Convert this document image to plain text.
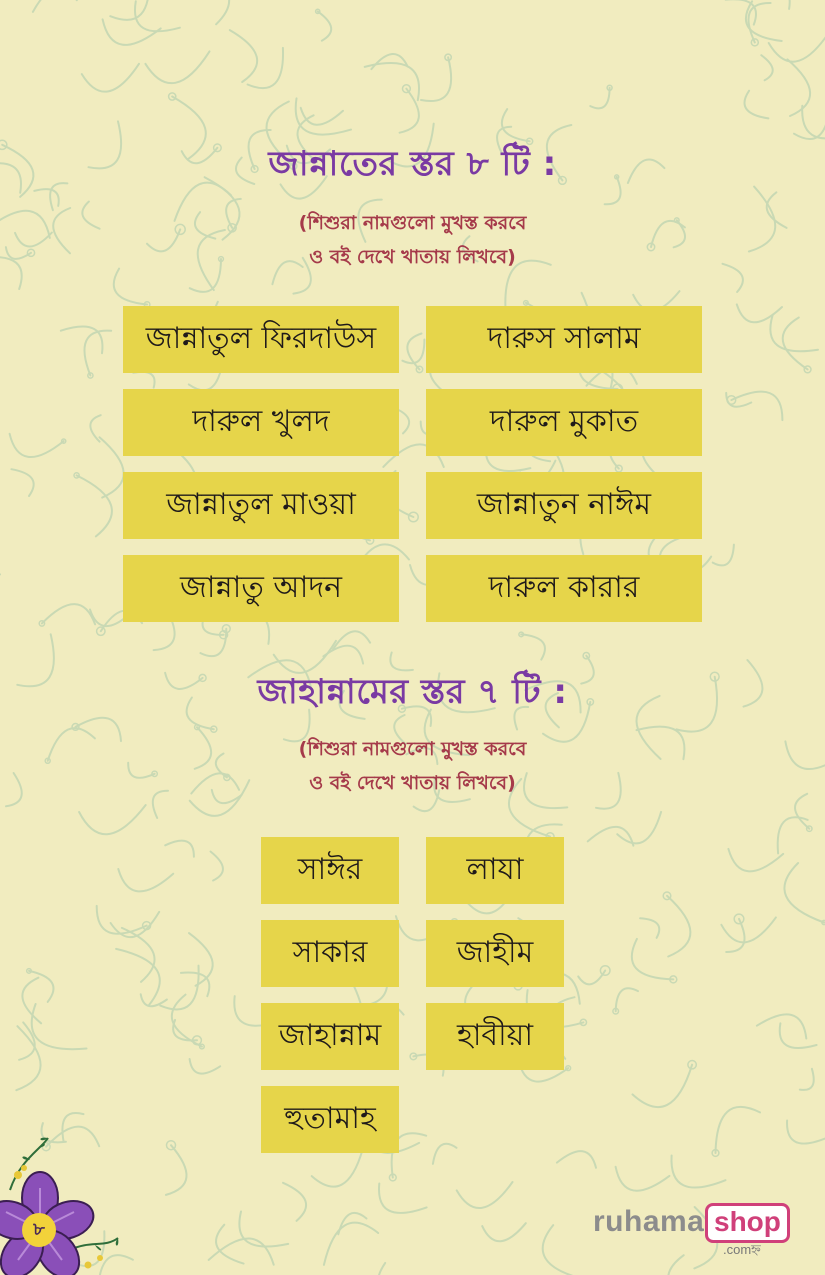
জান্নাতের স্তর ৮ টি :
(শিশুরা নামগুলো মুখস্ত করবে
ও বই দেখে খাতায় লিখবে)
জান্নাতুল ফিরদাউস	দারুস সালাম
দারুল খুলদ	দারুল মুকাত
জান্নাতুল মাওয়া	জান্নাতুন নাঈম
জান্নাতু আদন	দারুল কারার
জাহান্নামের স্তর ৭ টি :
(শিশুরা নামগুলো মুখস্ত করবে
ও বই দেখে খাতায় লিখবে)
সাঈর	লাযা
সাকার	জাহীম
জাহান্নাম	হাবীয়া
হুতামাহ
৮	ruhama shop
.comহ্ন
